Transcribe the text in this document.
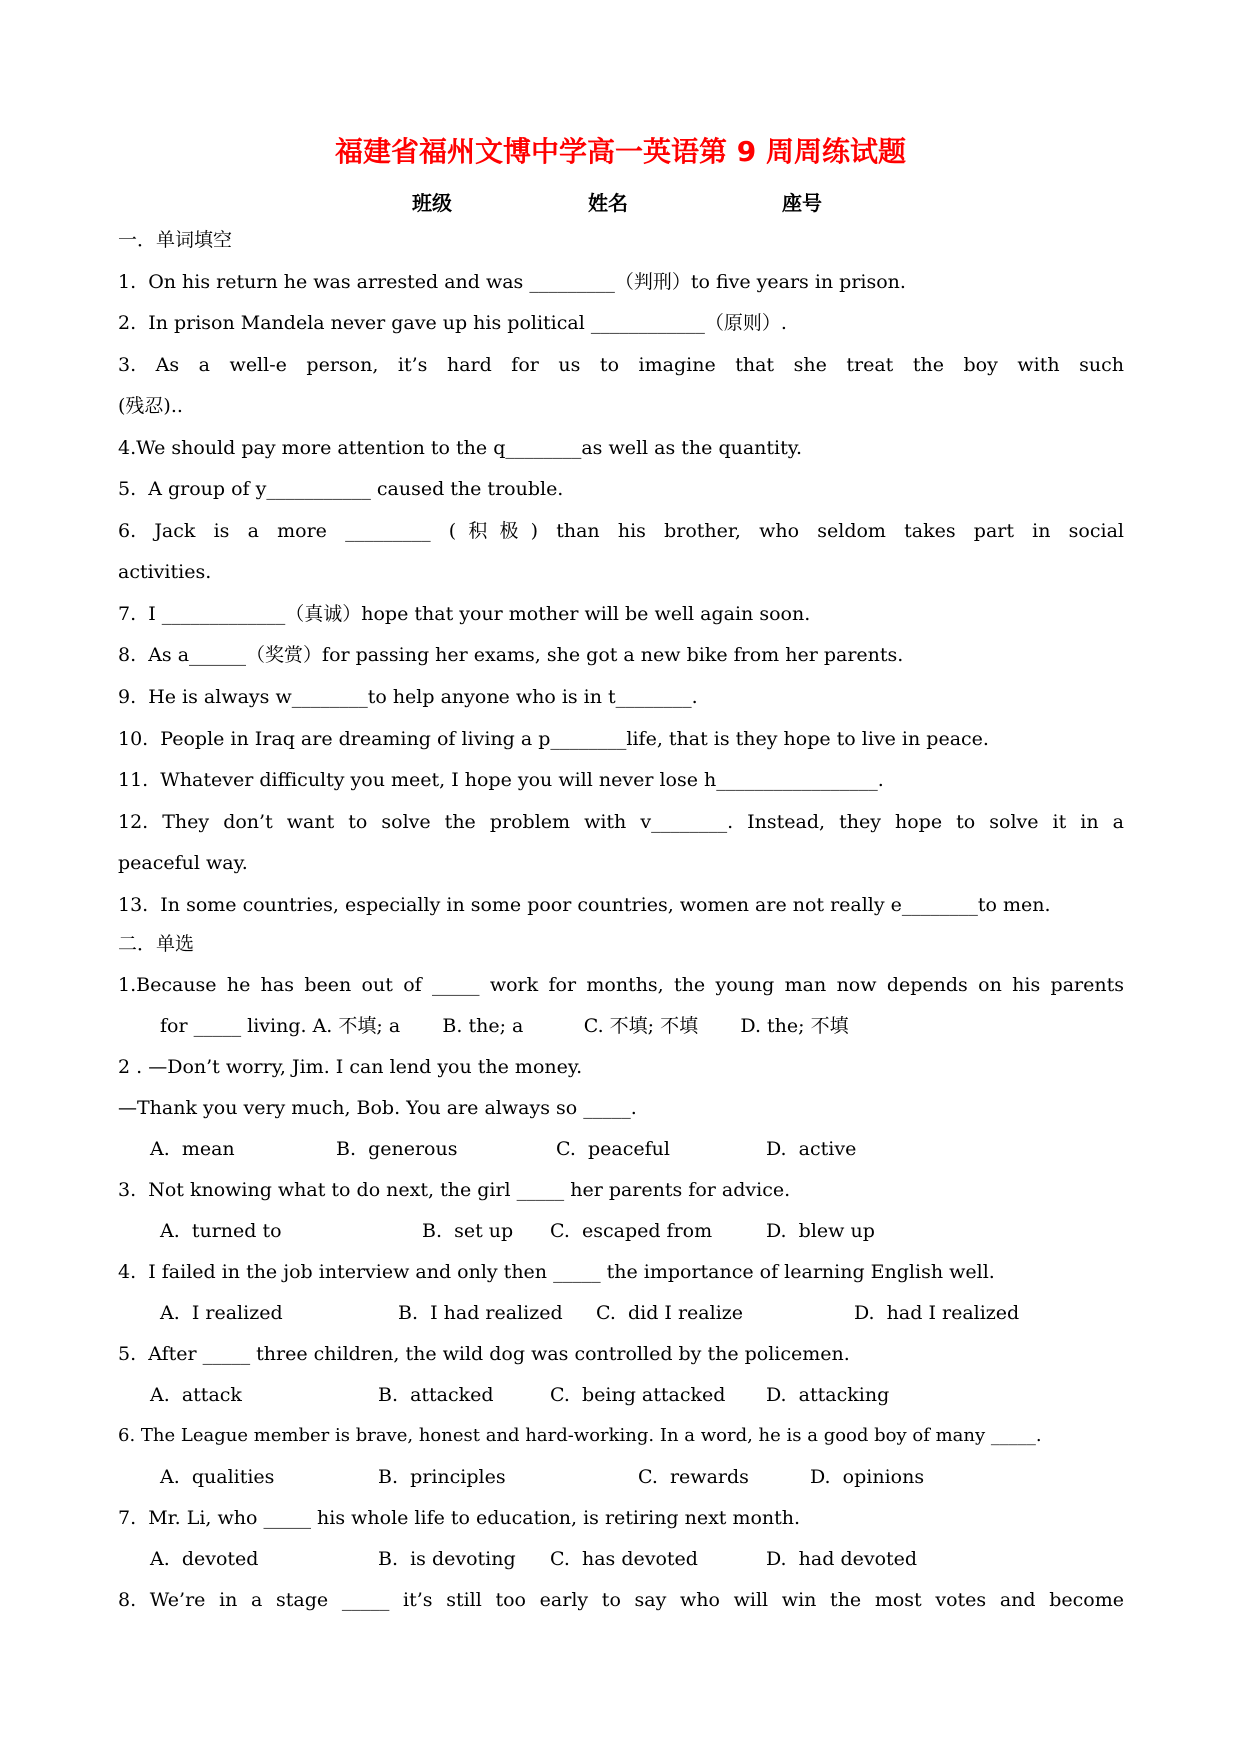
福建省福州文博中学高一英语第 9 周周练试题
班级	姓名	座号
一．单词填空
1.  On his return he was arrested and was _________（判刑）to five years in prison.
2.  In prison Mandela never gave up his political ____________（原则）.
3. As a well-e person, it’s hard for us to imagine that she treat the boy with such
(残忍)..
4.We should pay more attention to the q________as well as the quantity.
5.  A group of y___________ caused the trouble.
6. Jack is a more _________ (积极) than his brother, who seldom takes part in social
activities.
7.  I _____________（真诚）hope that your mother will be well again soon.
8.  As a______（奖赏）for passing her exams, she got a new bike from her parents.
9.  He is always w________to help anyone who is in t________.
10.  People in Iraq are dreaming of living a p________life, that is they hope to live in peace.
11.  Whatever difficulty you meet, I hope you will never lose h_________________.
12. They don’t want to solve the problem with v________. Instead, they hope to solve it in a
peaceful way.
13.  In some countries, especially in some poor countries, women are not really e________to men.
二．单选
1.Because he has been out of _____ work for months, the young man now depends on his parents
for _____ living. A. 不填; a       B. the; a          C. 不填; 不填       D. the; 不填
2 . —Don’t worry, Jim. I can lend you the money.
—Thank you very much, Bob. You are always so _____.
A.  mean	B.  generous	C.  peaceful	D.  active
3.  Not knowing what to do next, the girl _____ her parents for advice.
A.  turned to	B.  set up C.  escaped from	D.  blew up
4.  I failed in the job interview and only then _____ the importance of learning English well.
A.  I realized	B.  I had realized C.  did I realize	D.  had I realized
5.  After _____ three children, the wild dog was controlled by the policemen.
A.  attack	B.  attacked	C.  being attacked D.  attacking
6. The League member is brave, honest and hard-working. In a word, he is a good boy of many _____.
A.  qualities	B.  principles	C.  rewards	D.  opinions
7.  Mr. Li, who _____ his whole life to education, is retiring next month.
A.  devoted	B.  is devoting C.  has devoted	D.  had devoted
8. We’re in a stage _____ it’s still too early to say who will win the most votes and become
